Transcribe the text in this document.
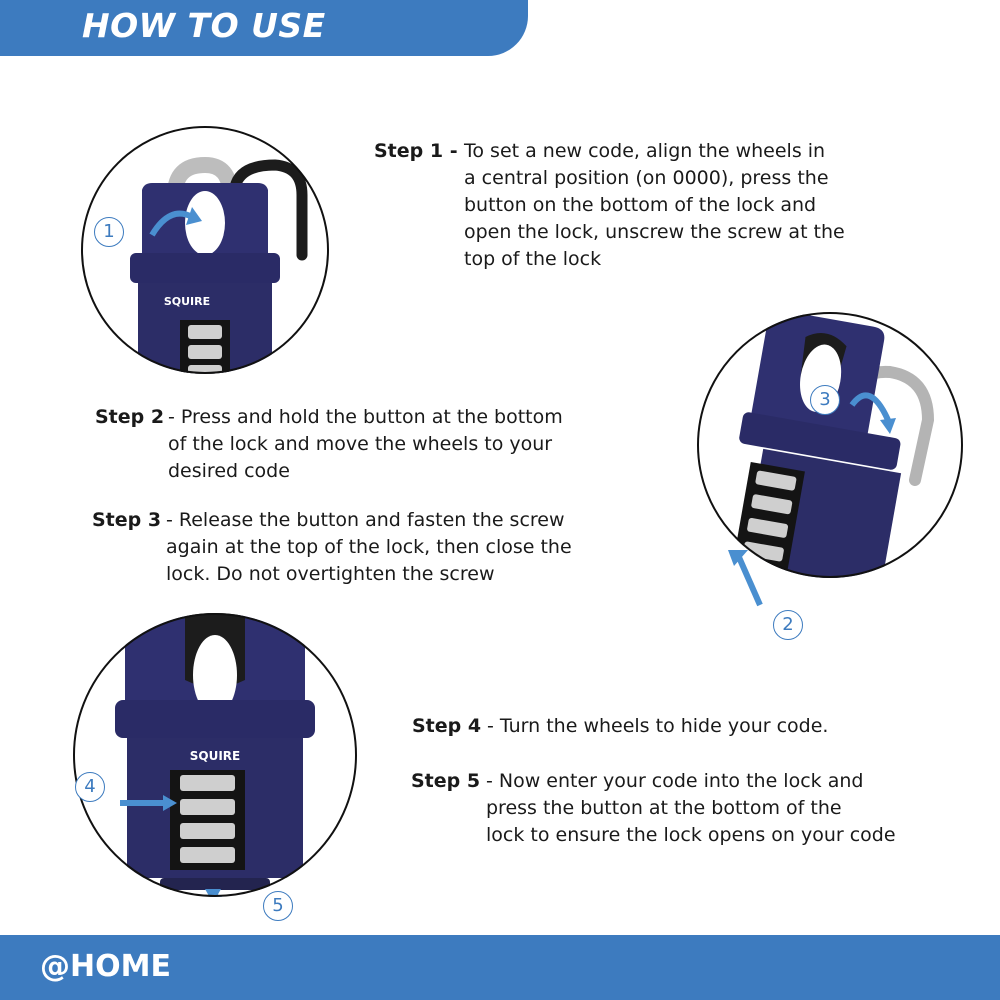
HOW TO USE
Step 1 - To set a new code, align the wheels in
a central position (on 0000), press the
button on the bottom of the lock and
open the lock, unscrew the screw at the
top of the lock
Step 2 - Press and hold the button at the bottom
of the lock and move the wheels to your
desired code
Step 3 - Release the button and fasten the screw
again at the top of the lock, then close the
lock. Do not overtighten the screw
Step 4 - Turn the wheels to hide your code.
Step 5 - Now enter your code into the lock and
press the button at the bottom of the
lock to ensure the lock opens on your code
SQUIRE
1
3
2
SQUIRE
4
5
@HOME
